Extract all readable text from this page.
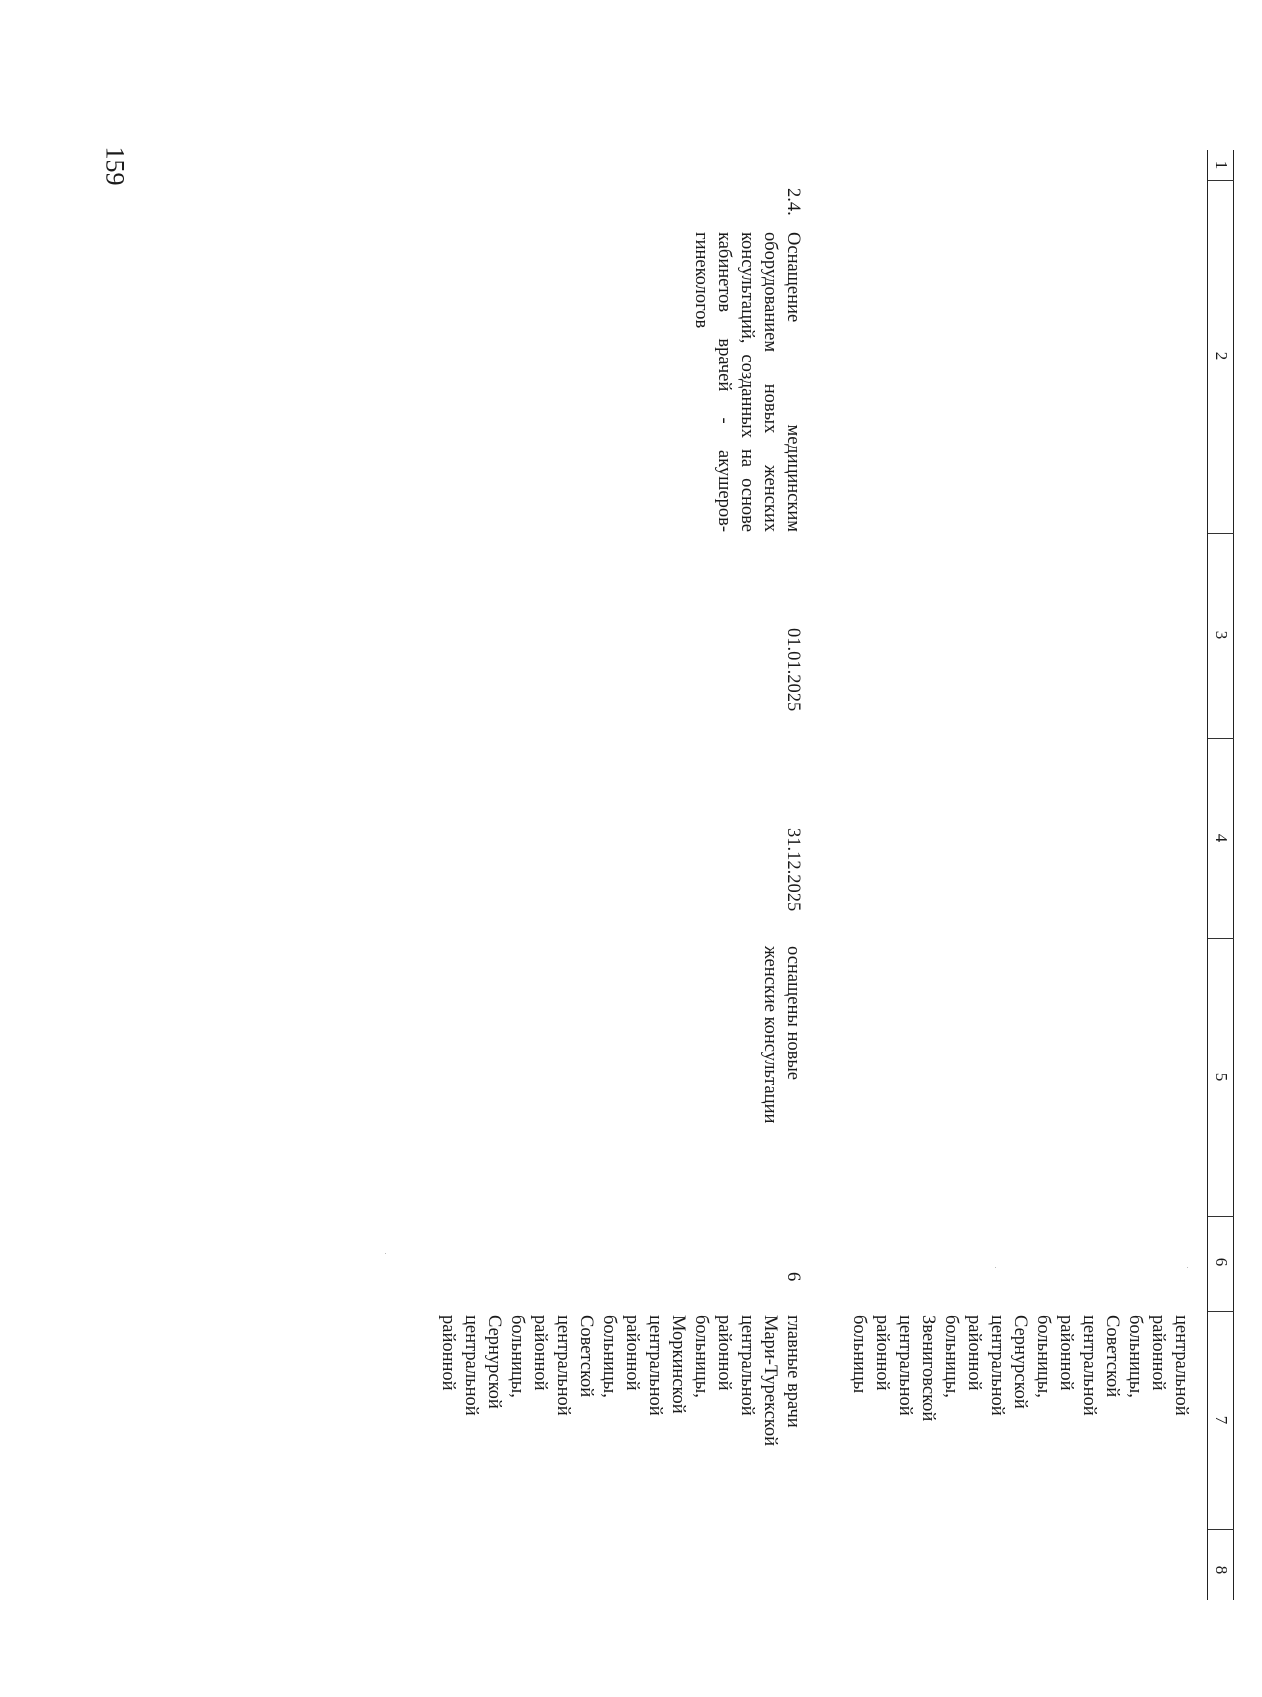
159	1
2
3
4
5
6
7
8
центральной
районной
больницы,
Советской
центральной
районной
больницы,
Сернурской
центральной
районной
больницы,
Звениговской
центральной
районной
больницы
2.4.
Оснащение медицинским оборудованием новых женских консультаций, созданных на основе кабинетов врачей - акушеров-гинекологов
01.01.2025
31.12.2025
оснащены новые
женские консультации
6
главные врачи
Мари-Турекской
центральной
районной
больницы,
Моркинской
центральной
районной
больницы,
Советской
центральной
районной
больницы,
Сернурской
центральной
районной
